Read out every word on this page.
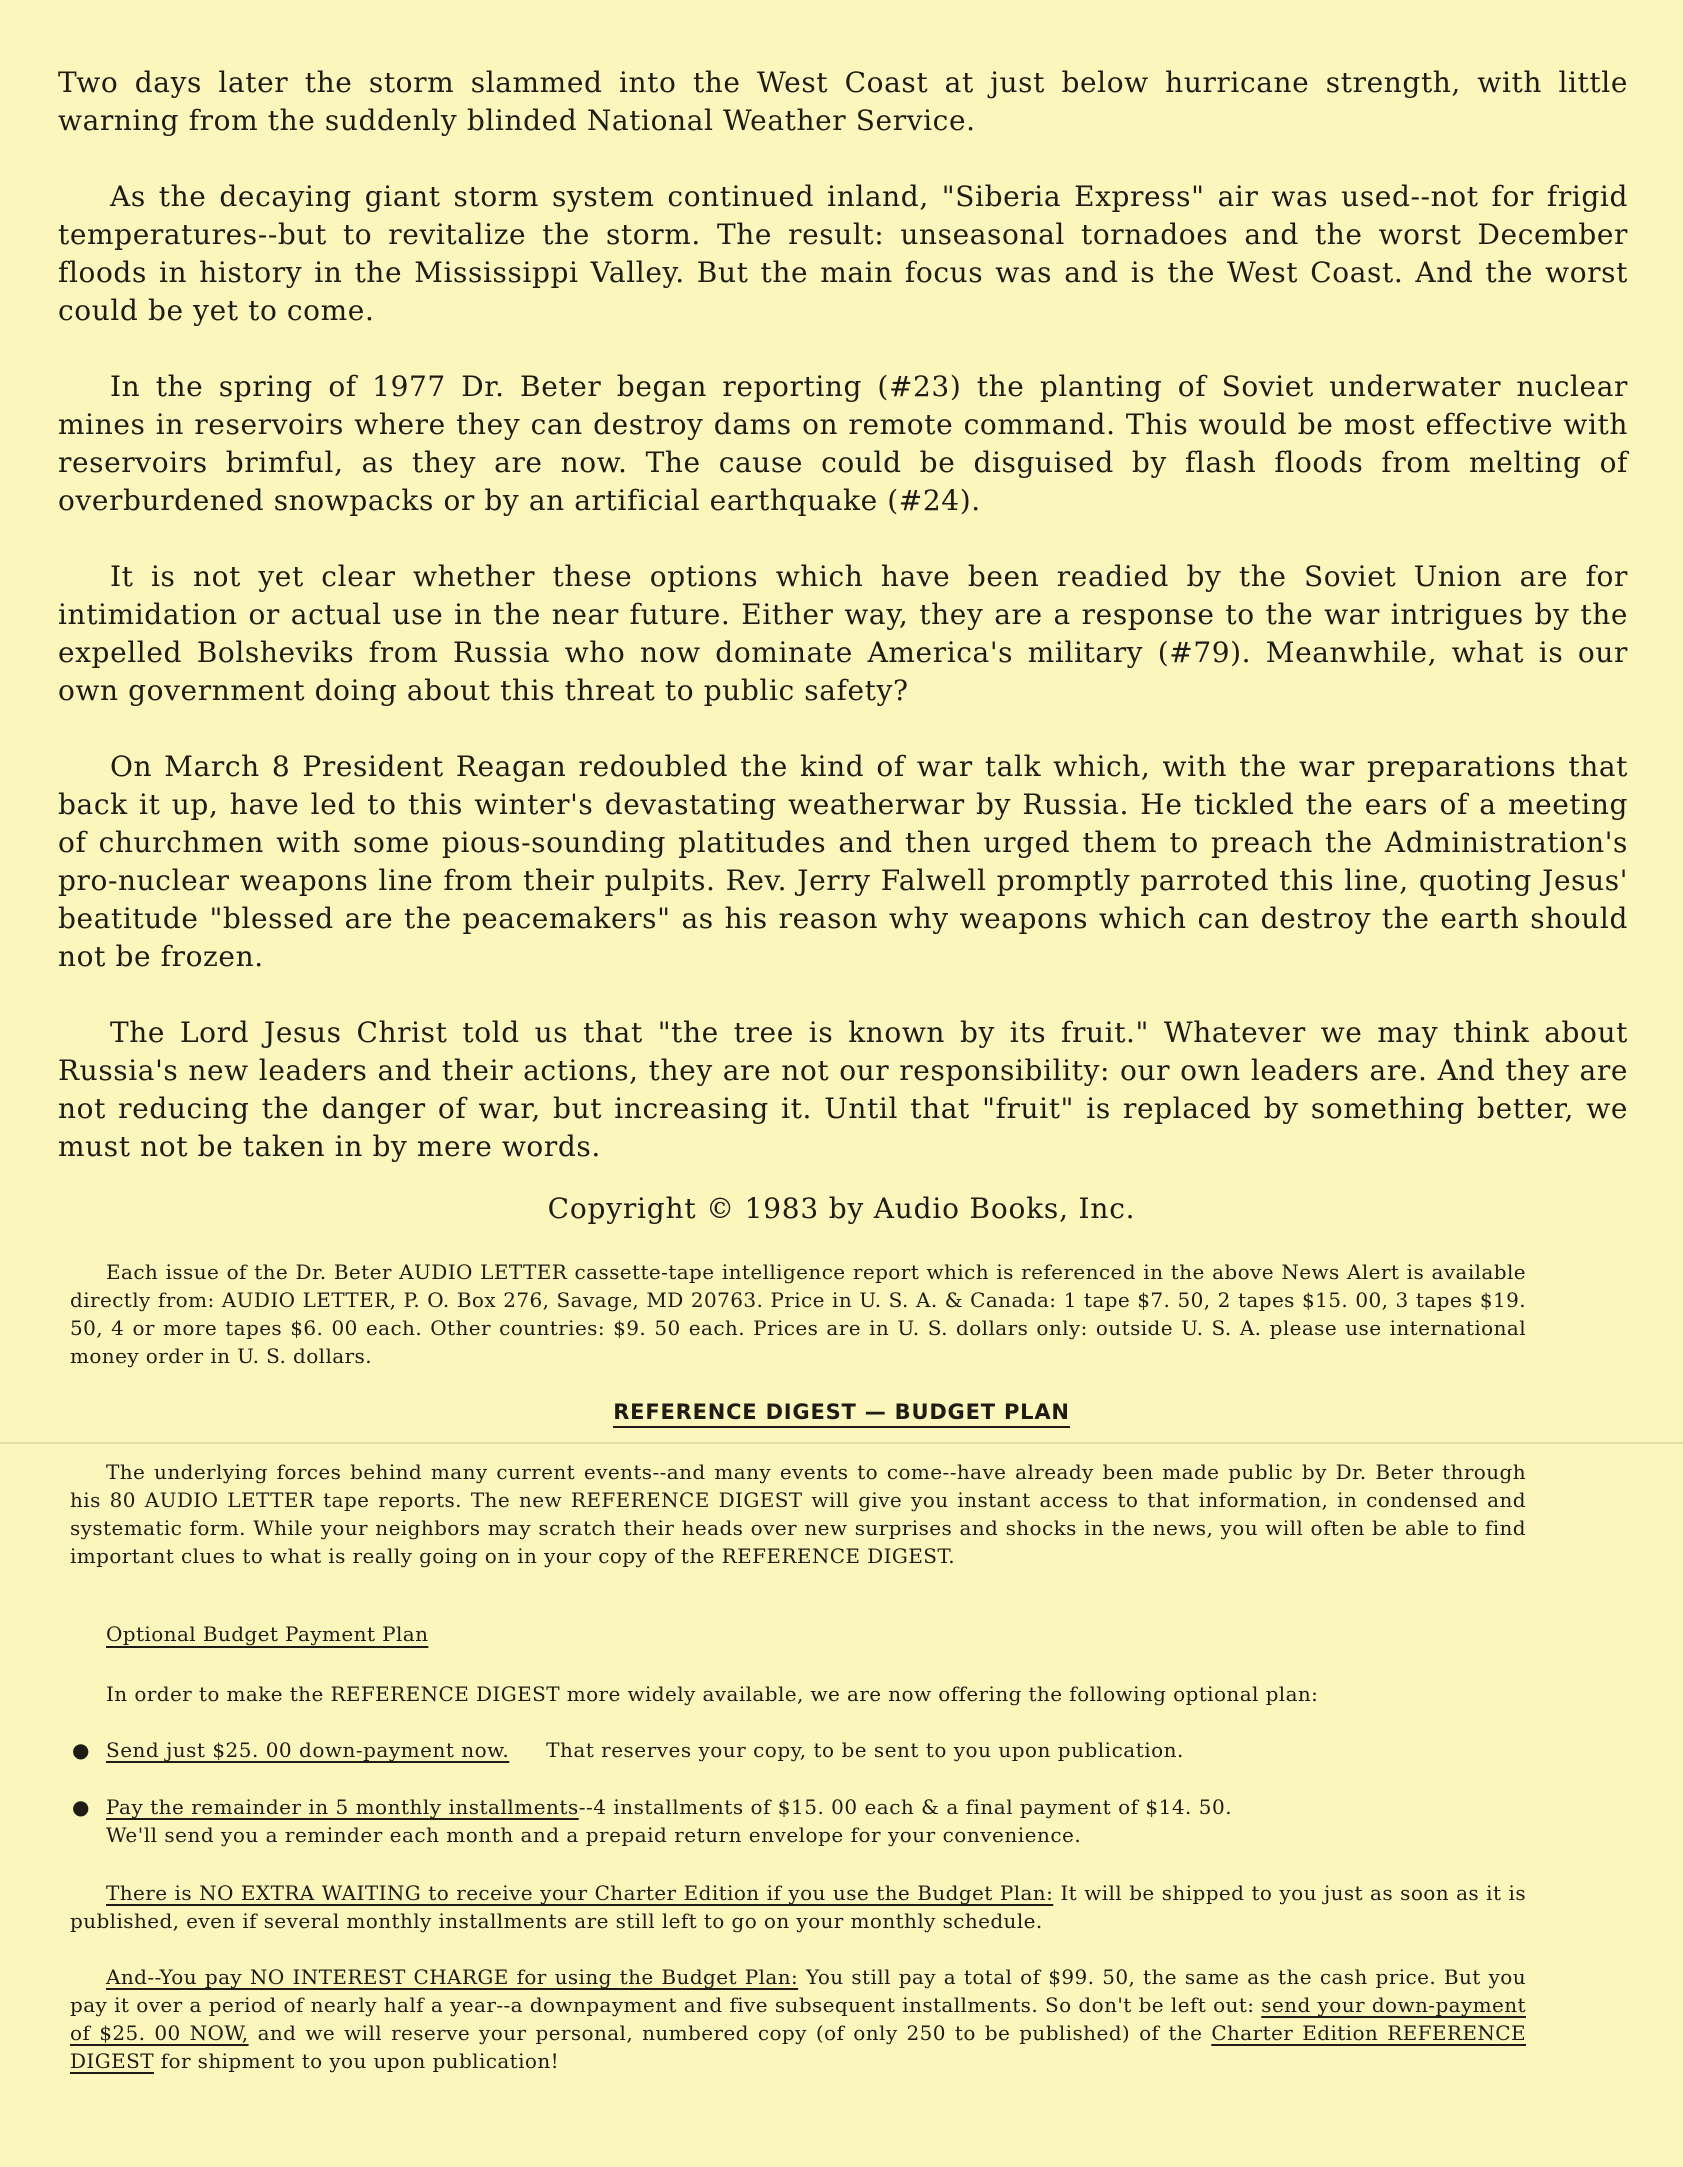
Two days later the storm slammed into the West Coast at just below hurricane strength, with little warning from the suddenly blinded National Weather Service.

As the decaying giant storm system continued inland, "Siberia Express" air was used--not for frigid temperatures--but to revitalize the storm. The result: unseasonal tornadoes and the worst December floods in history in the Mississippi Valley. But the main focus was and is the West Coast. And the worst could be yet to come.

In the spring of 1977 Dr. Beter began reporting (#23) the planting of Soviet underwater nuclear mines in reservoirs where they can destroy dams on remote command. This would be most effective with reservoirs brimful, as they are now. The cause could be disguised by flash floods from melting of overburdened snowpacks or by an artificial earthquake (#24).

It is not yet clear whether these options which have been readied by the Soviet Union are for intimidation or actual use in the near future. Either way, they are a response to the war intrigues by the expelled Bolsheviks from Russia who now dominate America's military (#79). Meanwhile, what is our own government doing about this threat to public safety?

On March 8 President Reagan redoubled the kind of war talk which, with the war preparations that back it up, have led to this winter's devastating weatherwar by Russia. He tickled the ears of a meeting of churchmen with some pious-sounding platitudes and then urged them to preach the Administration's pro-nuclear weapons line from their pulpits. Rev. Jerry Falwell promptly parroted this line, quoting Jesus' beatitude "blessed are the peacemakers" as his reason why weapons which can destroy the earth should not be frozen.

The Lord Jesus Christ told us that "the tree is known by its fruit." Whatever we may think about Russia's new leaders and their actions, they are not our responsibility: our own leaders are. And they are not reducing the danger of war, but increasing it. Until that "fruit" is replaced by something better, we must not be taken in by mere words.

Copyright © 1983 by Audio Books, Inc.

Each issue of the Dr. Beter AUDIO LETTER cassette-tape intelligence report which is referenced in the above News Alert is available directly from: AUDIO LETTER, P. O. Box 276, Savage, MD 20763. Price in U. S. A. & Canada: 1 tape $7. 50, 2 tapes $15. 00, 3 tapes $19. 50, 4 or more tapes $6. 00 each. Other countries: $9. 50 each. Prices are in U. S. dollars only: outside U. S. A. please use international money order in U. S. dollars.

REFERENCE DIGEST — BUDGET PLAN

The underlying forces behind many current events--and many events to come--have already been made public by Dr. Beter through his 80 AUDIO LETTER tape reports. The new REFERENCE DIGEST will give you instant access to that information, in condensed and systematic form. While your neighbors may scratch their heads over new surprises and shocks in the news, you will often be able to find important clues to what is really going on in your copy of the REFERENCE DIGEST.

Optional Budget Payment Plan

In order to make the REFERENCE DIGEST more widely available, we are now offering the following optional plan:

● Send just $25. 00 down-payment now. That reserves your copy, to be sent to you upon publication.

● Pay the remainder in 5 monthly installments--4 installments of $15. 00 each & a final payment of $14. 50.

We'll send you a reminder each month and a prepaid return envelope for your convenience.

There is NO EXTRA WAITING to receive your Charter Edition if you use the Budget Plan: It will be shipped to you just as soon as it is published, even if several monthly installments are still left to go on your monthly schedule.

And--You pay NO INTEREST CHARGE for using the Budget Plan: You still pay a total of $99. 50, the same as the cash price. But you pay it over a period of nearly half a year--a downpayment and five subsequent installments. So don't be left out: send your down-payment of $25. 00 NOW, and we will reserve your personal, numbered copy (of only 250 to be published) of the Charter Edition REFERENCE DIGEST for shipment to you upon publication!
